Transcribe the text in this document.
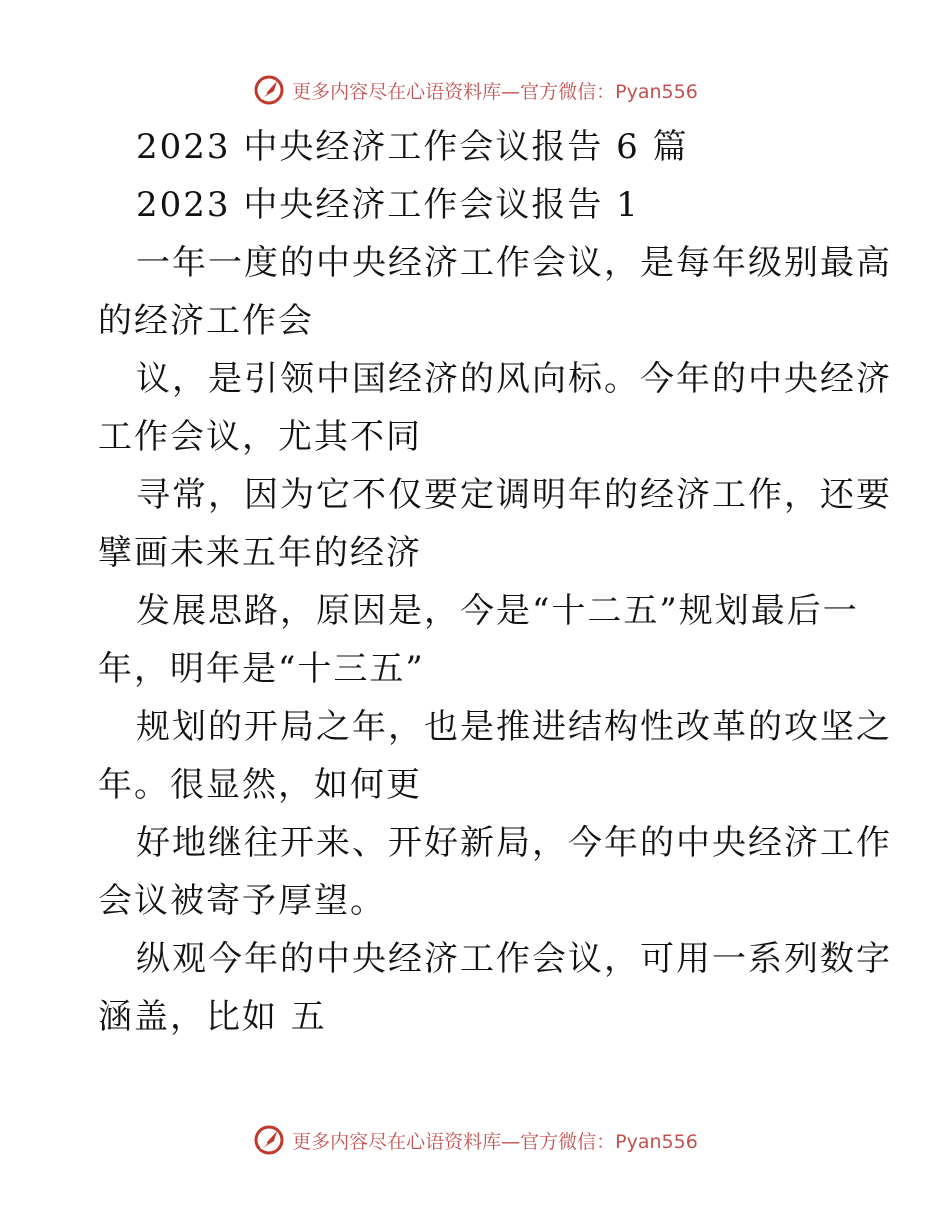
更多内容尽在心语资料库—官方微信：Pyan556
2023 中央经济工作会议报告 6 篇
2023 中央经济工作会议报告 1
一年一度的中央经济工作会议，是每年级别最高
的经济工作会
议，是引领中国经济的风向标。今年的中央经济
工作会议，尤其不同
寻常，因为它不仅要定调明年的经济工作，还要
擘画未来五年的经济
发展思路，原因是，今是“十二五”规划最后一
年，明年是“十三五”
规划的开局之年，也是推进结构性改革的攻坚之
年。很显然，如何更
好地继往开来、开好新局，今年的中央经济工作
会议被寄予厚望。
纵观今年的中央经济工作会议，可用一系列数字
涵盖，比如 五
更多内容尽在心语资料库—官方微信：Pyan556
